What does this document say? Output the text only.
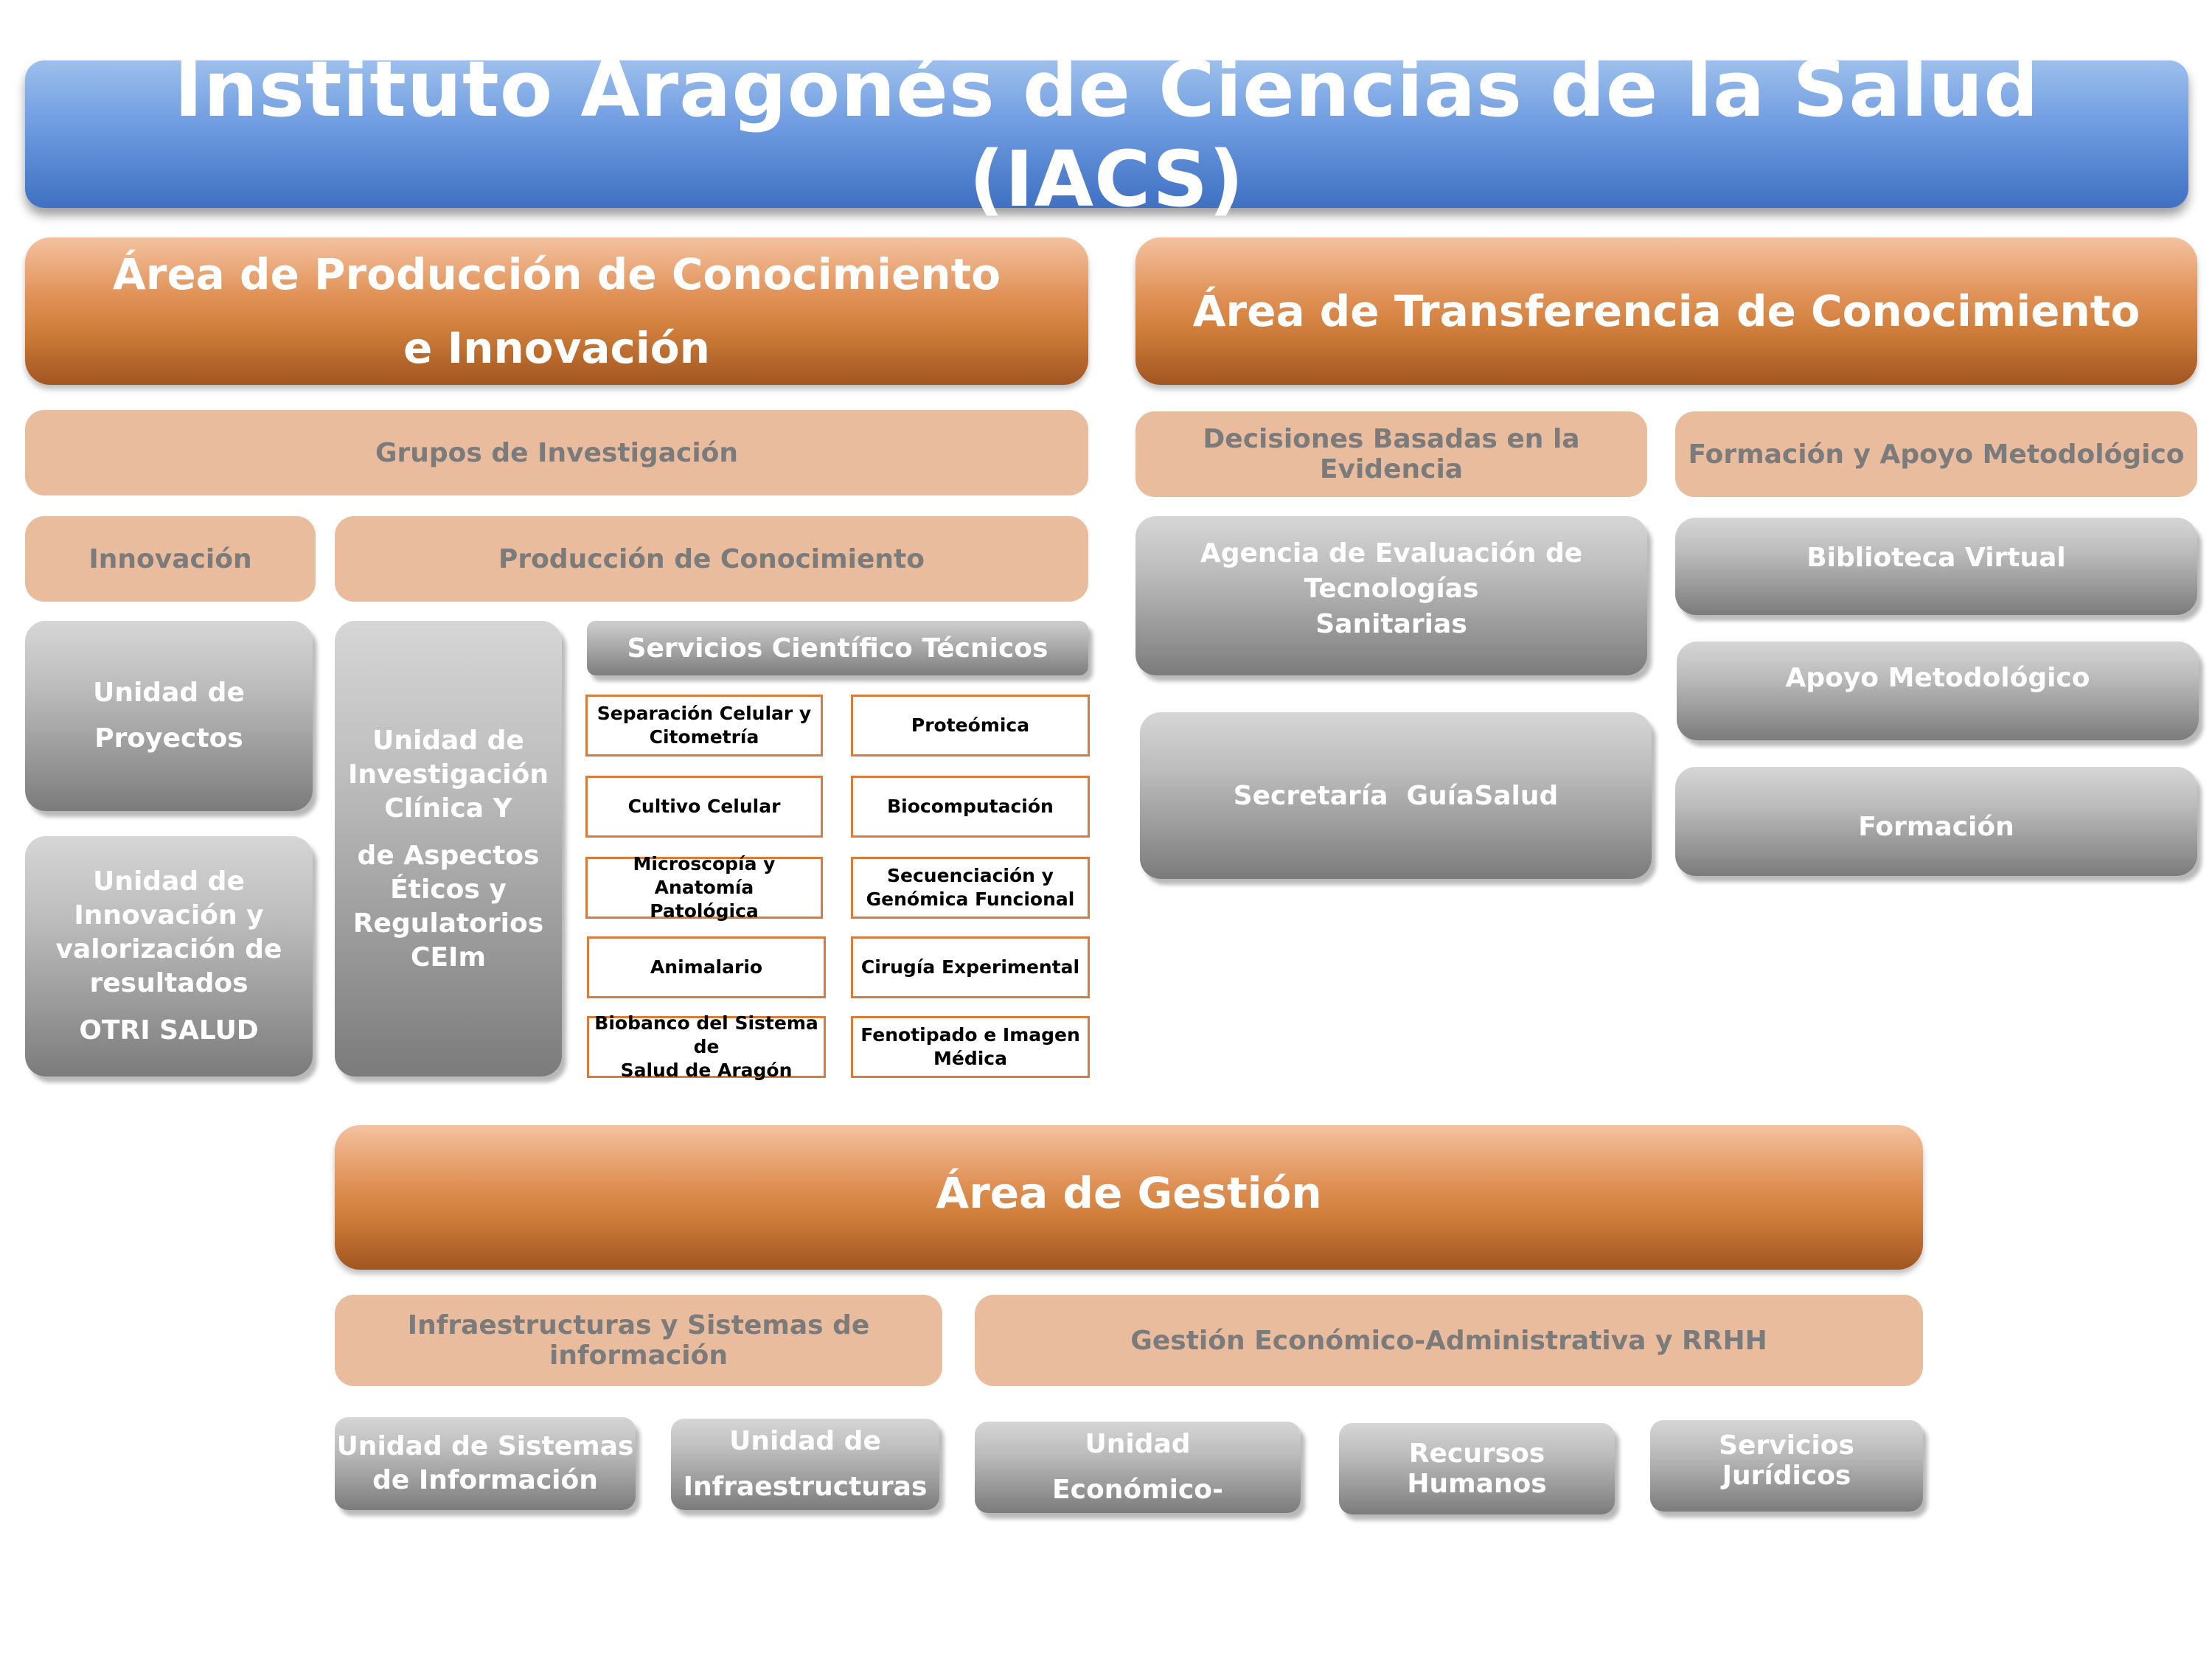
Instituto Aragonés de Ciencias de la Salud (IACS)
Área de Producción de Conocimiento
e Innovación
Área de Transferencia de Conocimiento
Grupos de Investigación
Innovación	Producción de Conocimiento
Unidad de
Proyectos
Unidad de
Innovación y
valorización de
resultados
OTRI SALUD
Unidad de
Investigación
Clínica Y
de Aspectos
Éticos y
Regulatorios
CEIm
Servicios Científico Técnicos
Separación Celular y
Citometría
Proteómica
Cultivo Celular	Biocomputación
Microscopía y Anatomía
Patológica
Secuenciación y
Genómica Funcional
Animalario	Cirugía Experimental
Biobanco del Sistema de
Salud de Aragón
Fenotipado e Imagen
Médica
Decisiones Basadas en la Evidencia	Formación y Apoyo Metodológico
Agencia de Evaluación de Tecnologías
Sanitarias
Secretaría  GuíaSalud
Biblioteca Virtual
Apoyo Metodológico
Formación
Área de Gestión
Infraestructuras y Sistemas de información	Gestión Económico-Administrativa y RRHH
Unidad de Sistemas
de Información
Unidad de
Infraestructuras
Unidad
Económico-Financiera
Recursos Humanos
Servicios Jurídicos
